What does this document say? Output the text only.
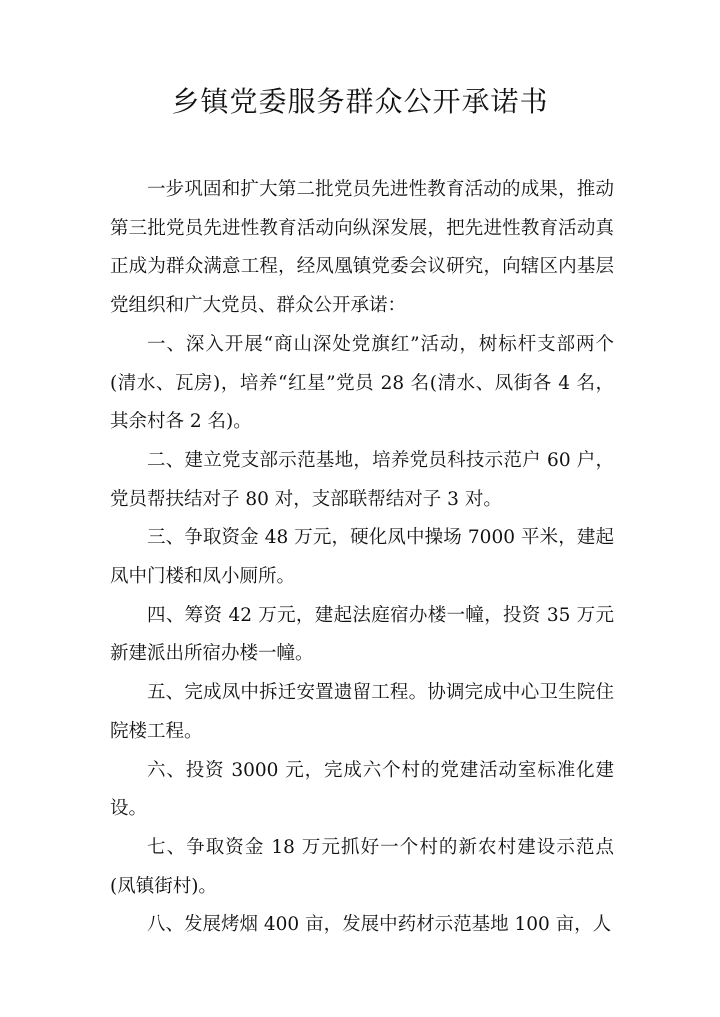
乡镇党委服务群众公开承诺书

一步巩固和扩大第二批党员先进性教育活动的成果，推动第三批党员先进性教育活动向纵深发展，把先进性教育活动真正成为群众满意工程，经凤凰镇党委会议研究，向辖区内基层党组织和广大党员、群众公开承诺：

一、深入开展“商山深处党旗红”活动，树标杆支部两个(清水、瓦房)，培养“红星”党员 28 名(清水、凤街各 4 名，其余村各 2 名)。

二、建立党支部示范基地，培养党员科技示范户 60 户，党员帮扶结对子 80 对，支部联帮结对子 3 对。

三、争取资金 48 万元，硬化凤中操场 7000 平米，建起凤中门楼和凤小厕所。

四、筹资 42 万元，建起法庭宿办楼一幢，投资 35 万元新建派出所宿办楼一幢。

五、完成凤中拆迁安置遗留工程。协调完成中心卫生院住院楼工程。

六、投资 3000 元，完成六个村的党建活动室标准化建设。

七、争取资金 18 万元抓好一个村的新农村建设示范点(凤镇街村)。

八、发展烤烟 400 亩，发展中药材示范基地 100 亩，人
